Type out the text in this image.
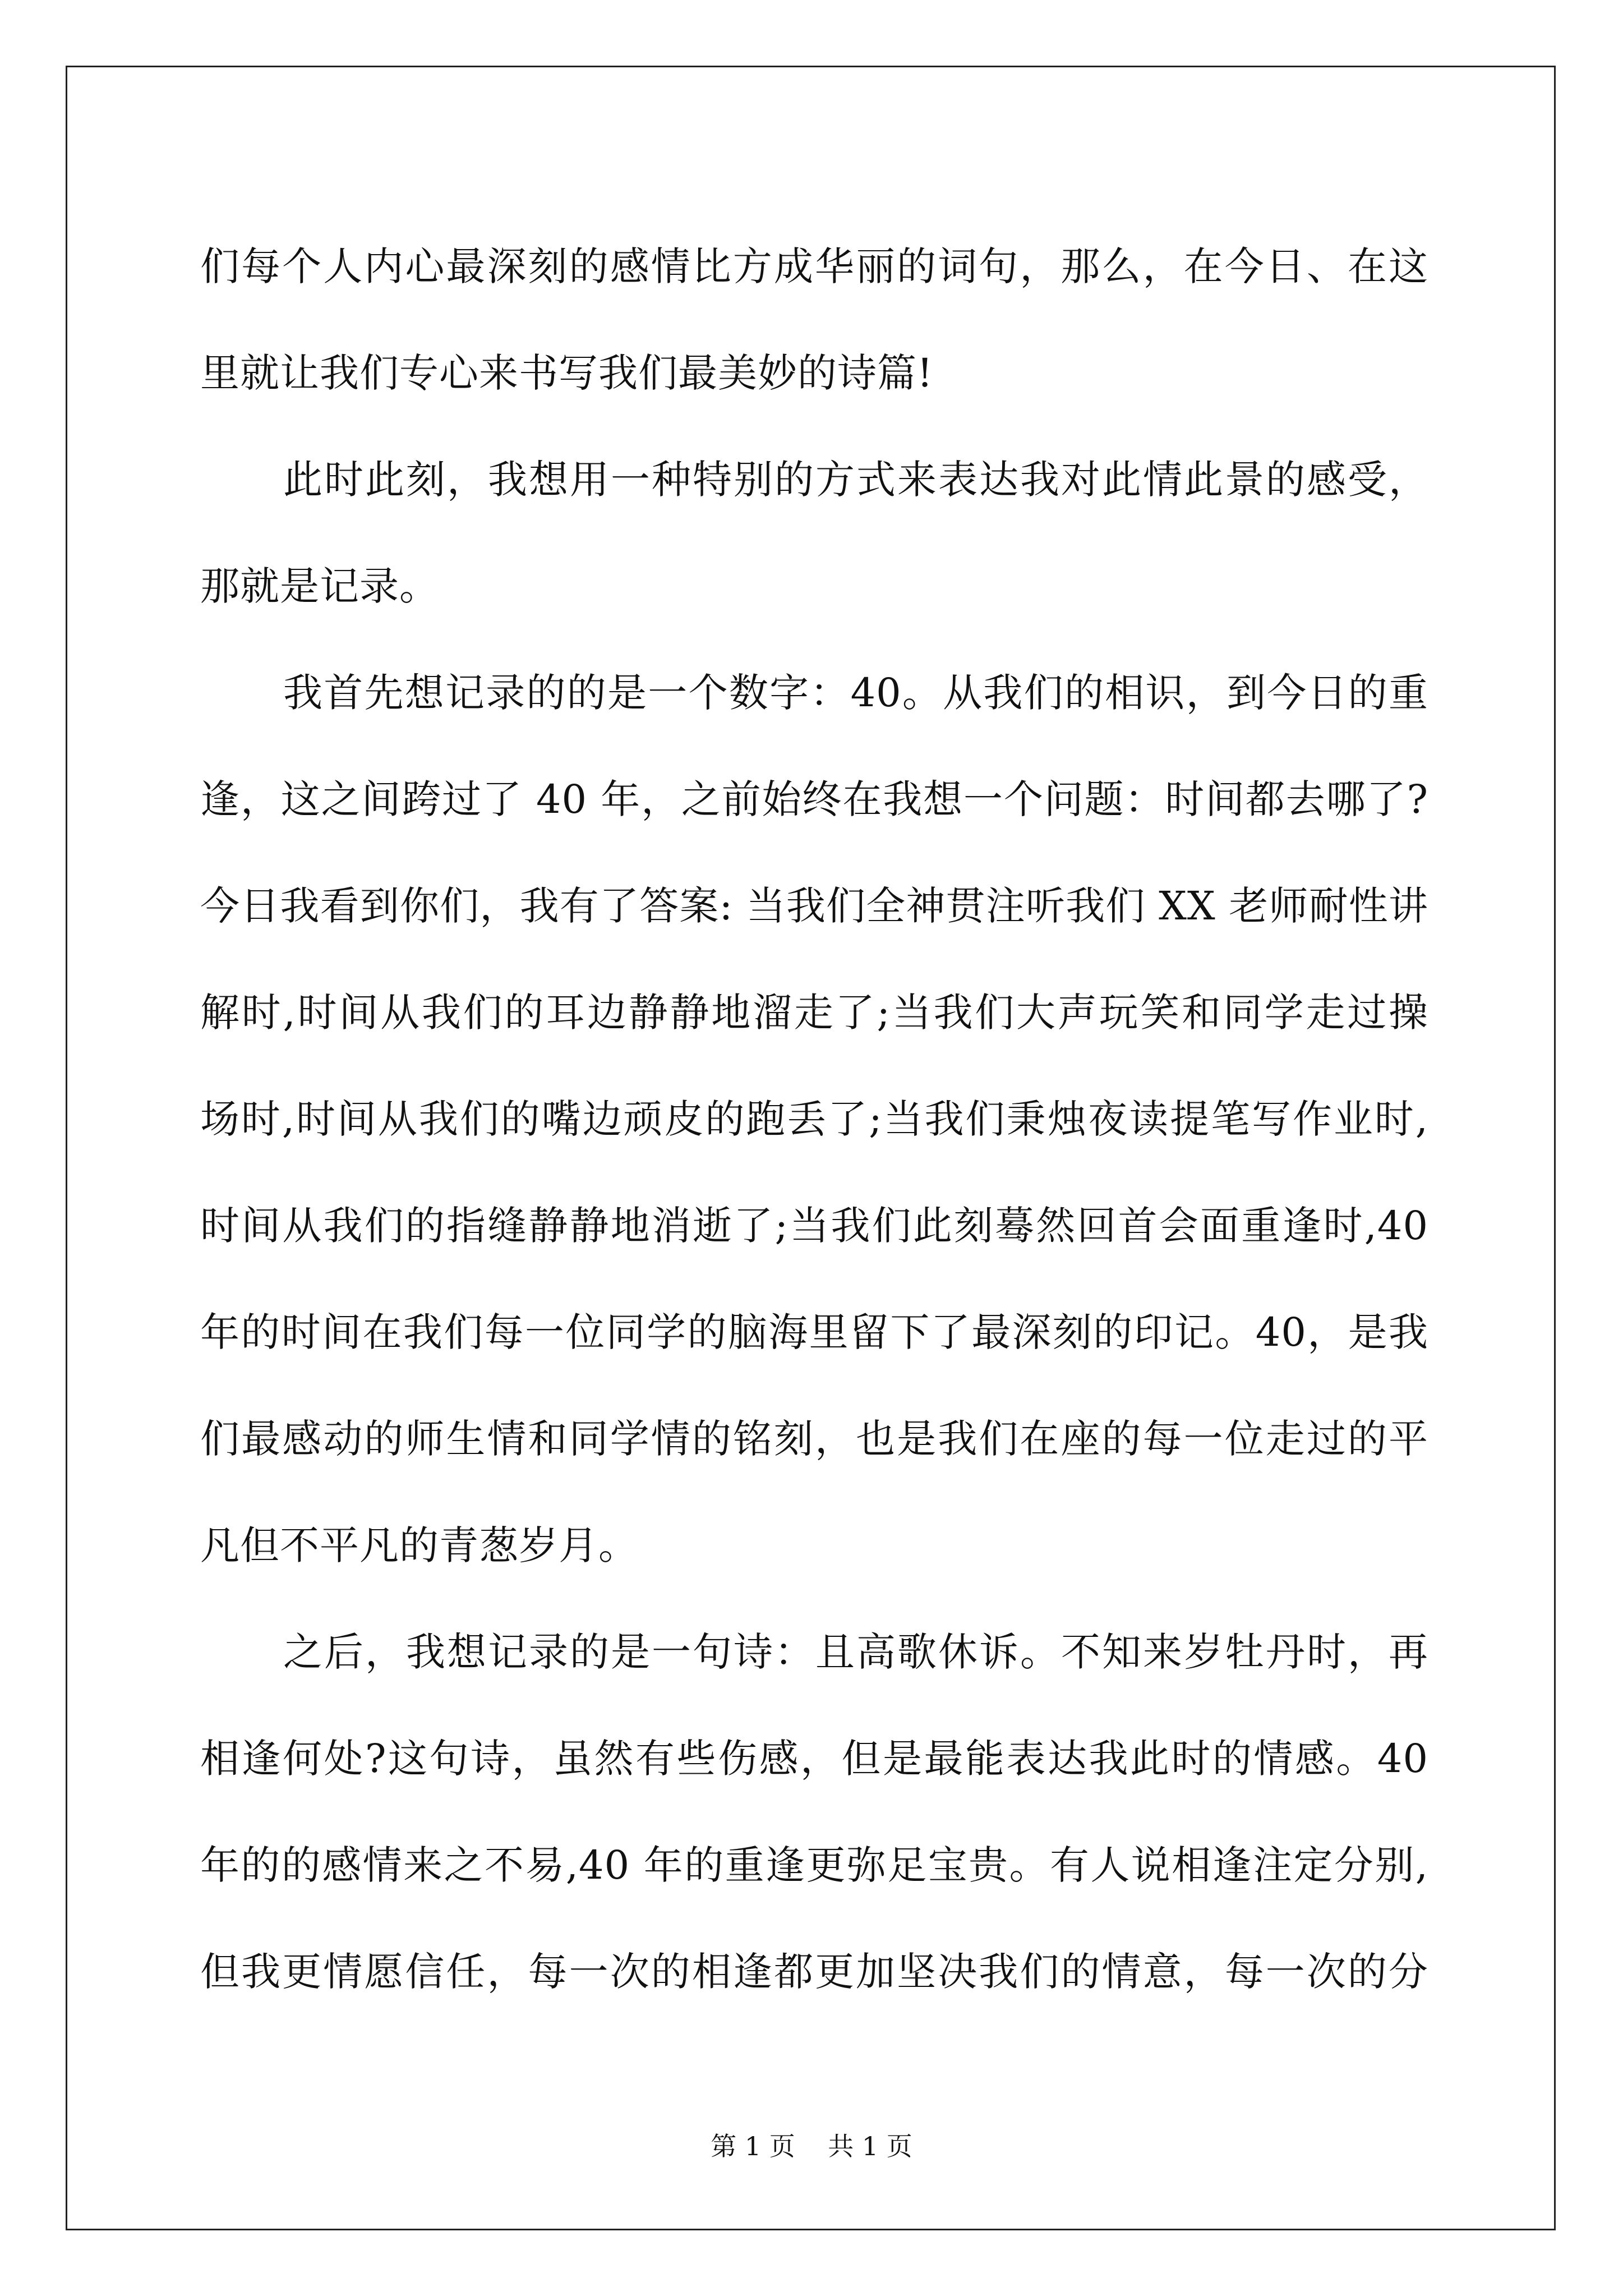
们每个人内心最深刻的感情比方成华丽的词句，那么，在今日、在这
里就让我们专心来书写我们最美妙的诗篇!

此时此刻，我想用一种特别的方式来表达我对此情此景的感受，
那就是记录。

我首先想记录的的是一个数字：40。从我们的相识，到今日的重
逢，这之间跨过了 40 年，之前始终在我想一个问题：时间都去哪了?
今日我看到你们，我有了答案: 当我们全神贯注听我们 XX 老师耐性讲
解时,时间从我们的耳边静静地溜走了;当我们大声玩笑和同学走过操
场时,时间从我们的嘴边顽皮的跑丢了;当我们秉烛夜读提笔写作业时,
时间从我们的指缝静静地消逝了;当我们此刻蓦然回首会面重逢时,40
年的时间在我们每一位同学的脑海里留下了最深刻的印记。40，是我
们最感动的师生情和同学情的铭刻，也是我们在座的每一位走过的平
凡但不平凡的青葱岁月。

之后，我想记录的是一句诗：且高歌休诉。不知来岁牡丹时，再
相逢何处?这句诗，虽然有些伤感，但是最能表达我此时的情感。40
年的的感情来之不易,40 年的重逢更弥足宝贵。有人说相逢注定分别,
但我更情愿信任，每一次的相逢都更加坚决我们的情意，每一次的分

第 1 页    共 1 页
